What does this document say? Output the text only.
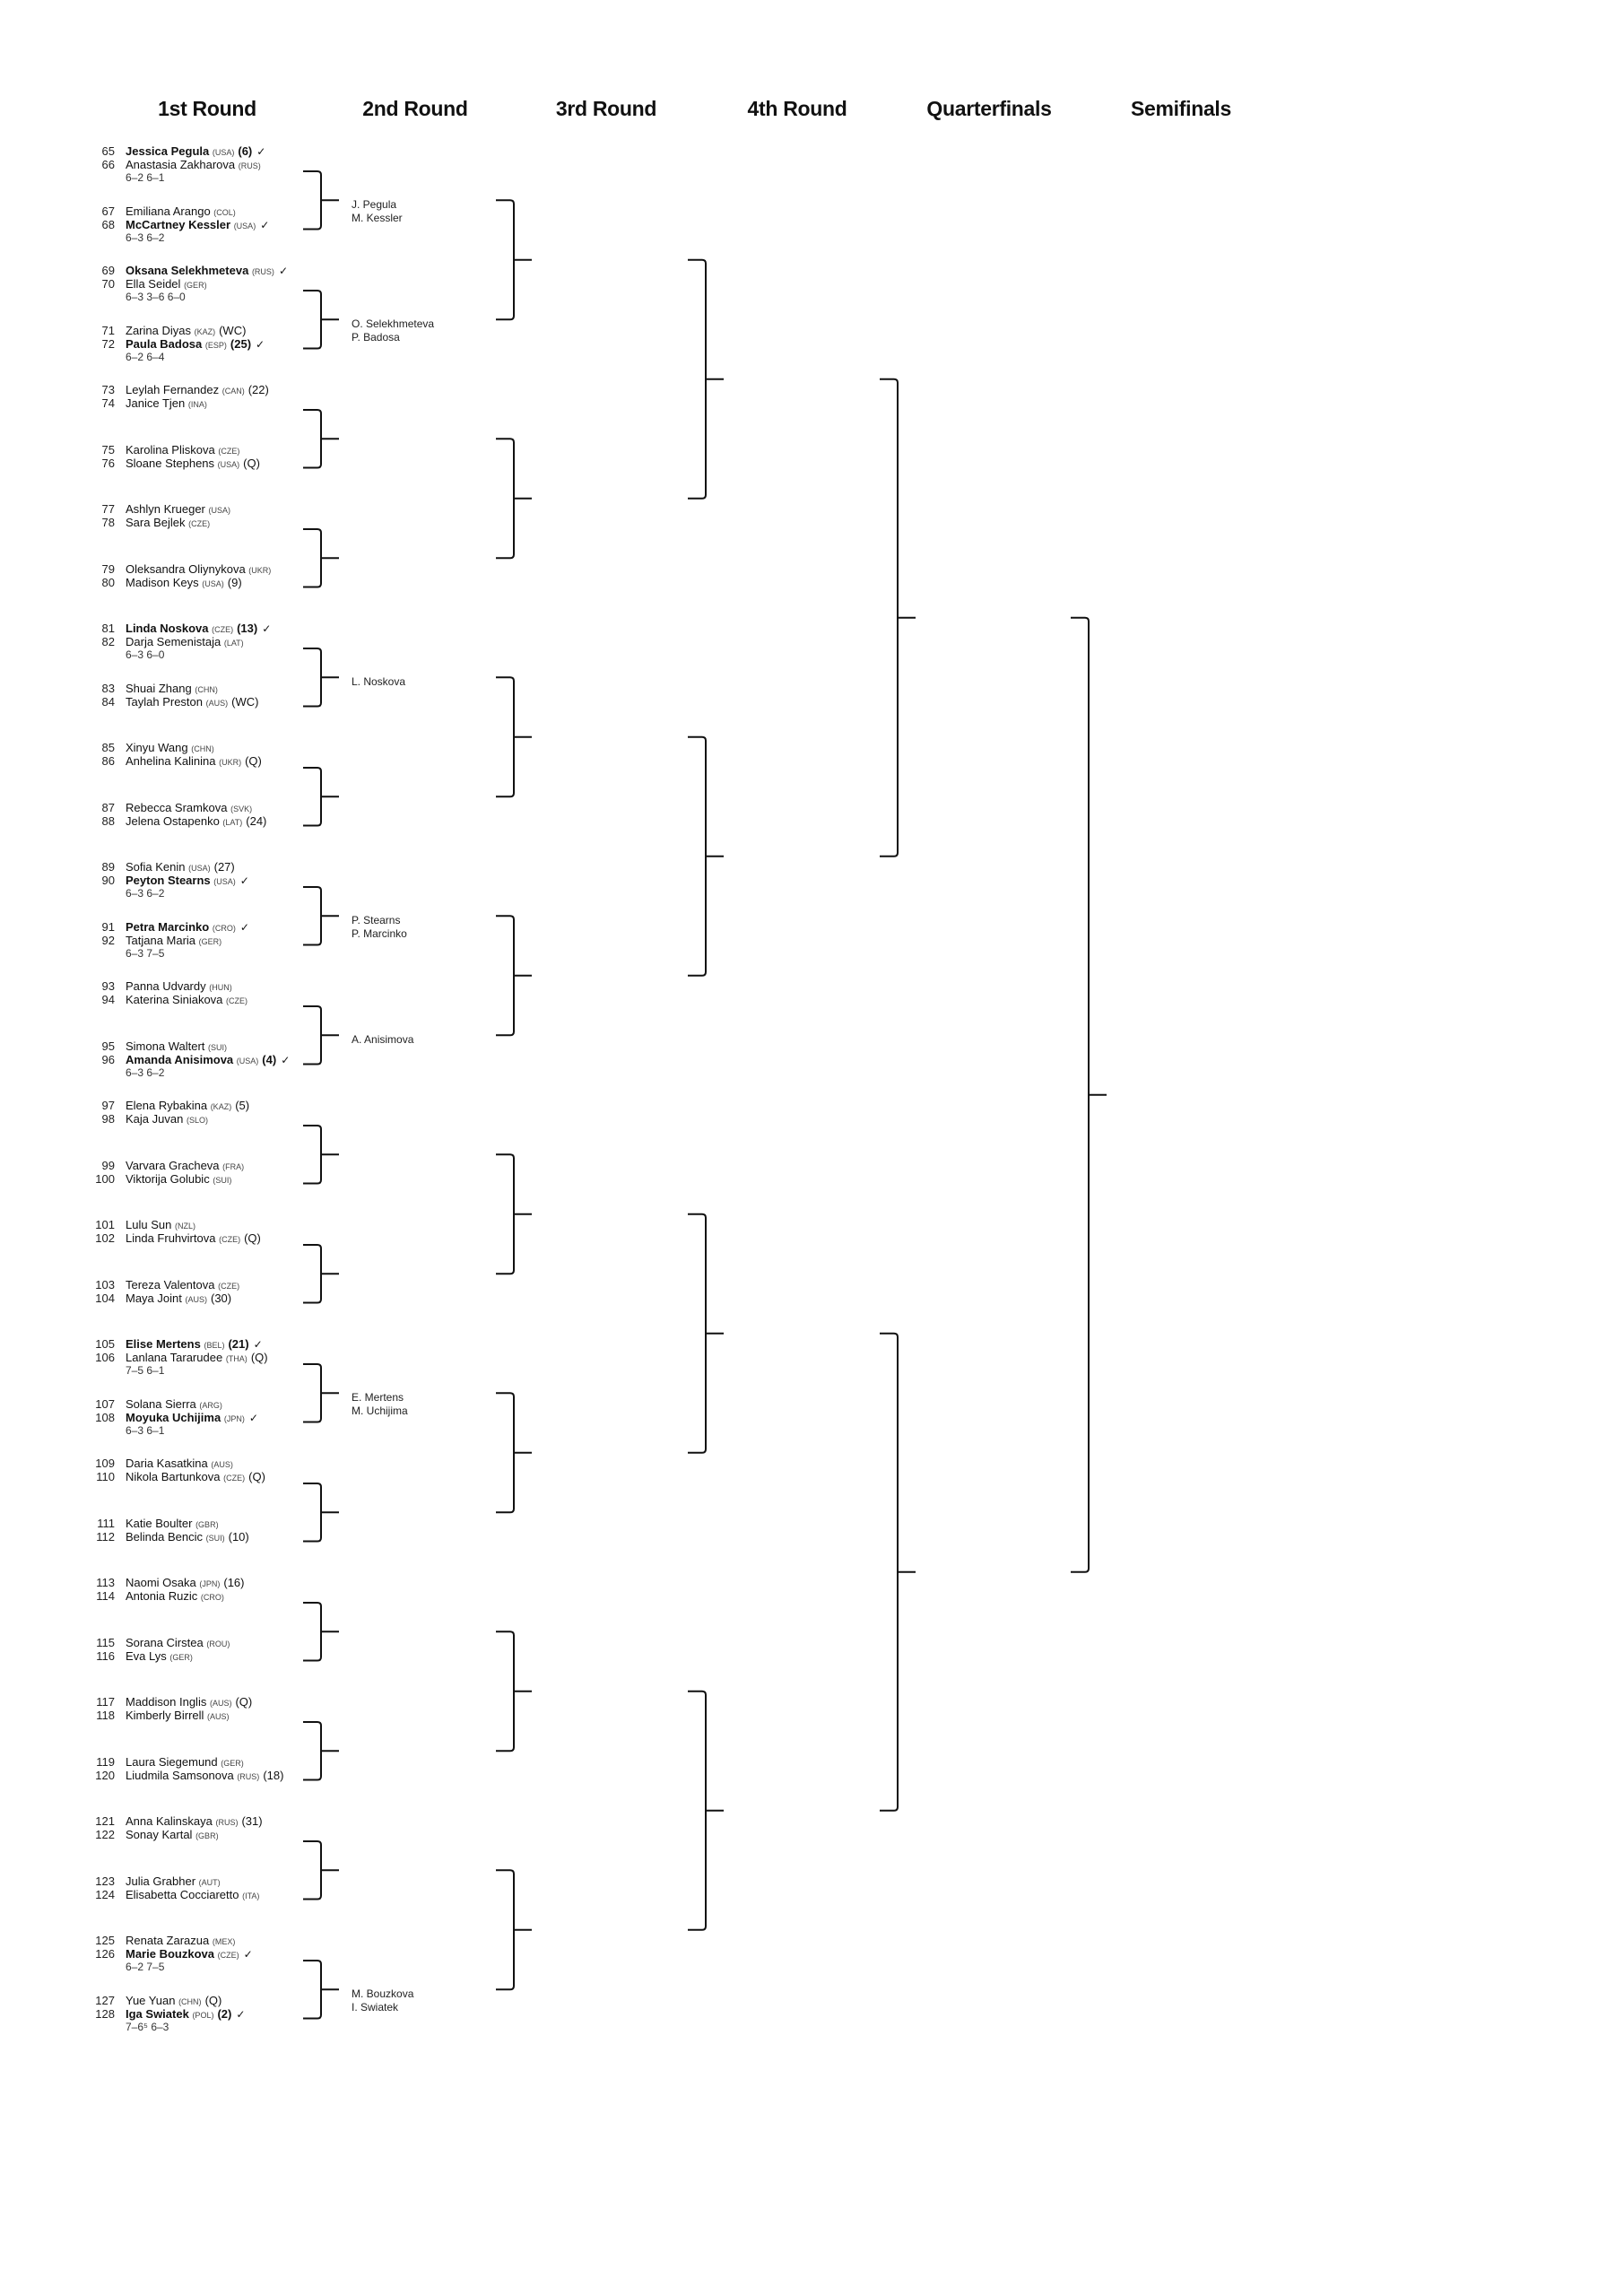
1st Round	2nd Round	3rd Round	4th Round	Quarterfinals	Semifinals
65 Jessica Pegula (USA) (6) ✓
66 Anastasia Zakharova (RUS)
6–2 6–1
67 Emiliana Arango (COL)
68 McCartney Kessler (USA) ✓
6–3 6–2
69 Oksana Selekhmeteva (RUS) ✓
70 Ella Seidel (GER)
6–3 3–6 6–0
71 Zarina Diyas (KAZ) (WC)
72 Paula Badosa (ESP) (25) ✓
6–2 6–4
73 Leylah Fernandez (CAN) (22)
74 Janice Tjen (INA)
75 Karolina Pliskova (CZE)
76 Sloane Stephens (USA) (Q)
77 Ashlyn Krueger (USA)
78 Sara Bejlek (CZE)
79 Oleksandra Oliynykova (UKR)
80 Madison Keys (USA) (9)
81 Linda Noskova (CZE) (13) ✓
82 Darja Semenistaja (LAT)
6–3 6–0
83 Shuai Zhang (CHN)
84 Taylah Preston (AUS) (WC)
85 Xinyu Wang (CHN)
86 Anhelina Kalinina (UKR) (Q)
87 Rebecca Sramkova (SVK)
88 Jelena Ostapenko (LAT) (24)
89 Sofia Kenin (USA) (27)
90 Peyton Stearns (USA) ✓
6–3 6–2
91 Petra Marcinko (CRO) ✓
92 Tatjana Maria (GER)
6–3 7–5
93 Panna Udvardy (HUN)
94 Katerina Siniakova (CZE)
95 Simona Waltert (SUI)
96 Amanda Anisimova (USA) (4) ✓
6–3 6–2
97 Elena Rybakina (KAZ) (5)
98 Kaja Juvan (SLO)
99 Varvara Gracheva (FRA)
100 Viktorija Golubic (SUI)
101 Lulu Sun (NZL)
102 Linda Fruhvirtova (CZE) (Q)
103 Tereza Valentova (CZE)
104 Maya Joint (AUS) (30)
105 Elise Mertens (BEL) (21) ✓
106 Lanlana Tararudee (THA) (Q)
7–5 6–1
107 Solana Sierra (ARG)
108 Moyuka Uchijima (JPN) ✓
6–3 6–1
109 Daria Kasatkina (AUS)
110 Nikola Bartunkova (CZE) (Q)
111 Katie Boulter (GBR)
112 Belinda Bencic (SUI) (10)
113 Naomi Osaka (JPN) (16)
114 Antonia Ruzic (CRO)
115 Sorana Cirstea (ROU)
116 Eva Lys (GER)
117 Maddison Inglis (AUS) (Q)
118 Kimberly Birrell (AUS)
119 Laura Siegemund (GER)
120 Liudmila Samsonova (RUS) (18)
121 Anna Kalinskaya (RUS) (31)
122 Sonay Kartal (GBR)
123 Julia Grabher (AUT)
124 Elisabetta Cocciaretto (ITA)
125 Renata Zarazua (MEX)
126 Marie Bouzkova (CZE) ✓
6–2 7–5
127 Yue Yuan (CHN) (Q)
128 Iga Swiatek (POL) (2) ✓
7–6⁵ 6–3
J. Pegula
M. Kessler
O. Selekhmeteva
P. Badosa
L. Noskova
P. Stearns
P. Marcinko
A. Anisimova
E. Mertens
M. Uchijima
M. Bouzkova
I. Swiatek
